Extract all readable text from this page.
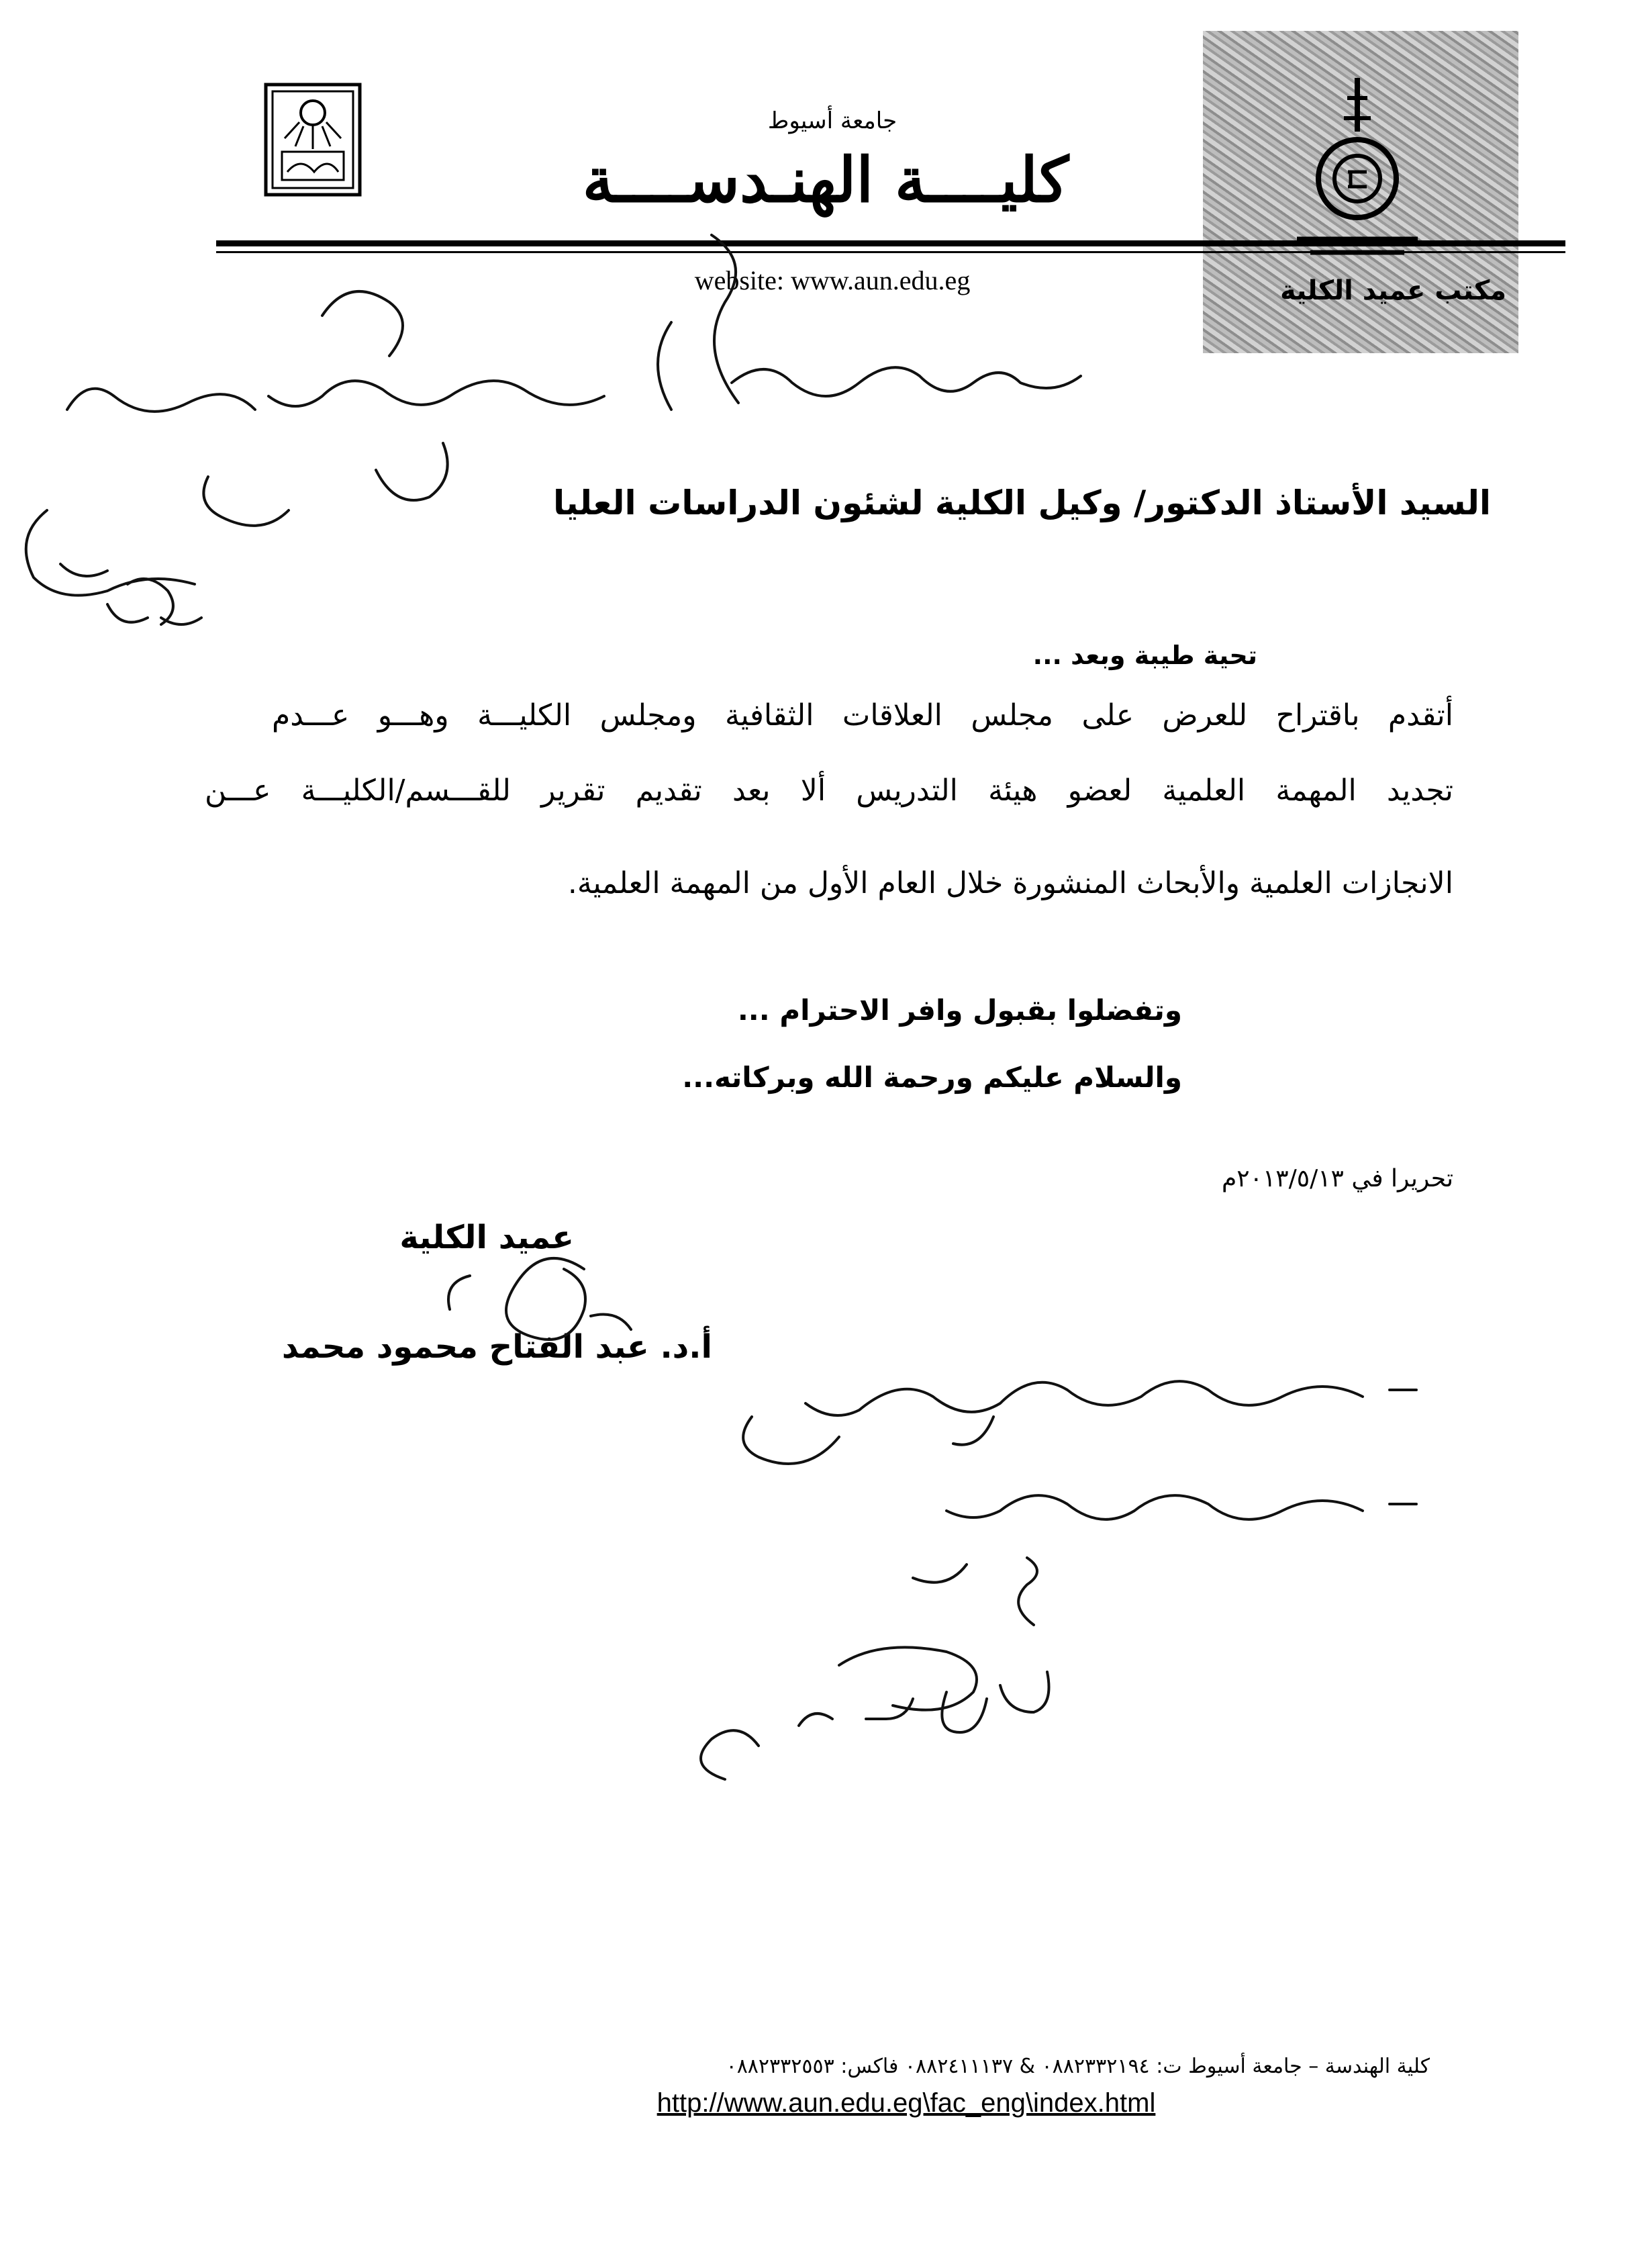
مكتب عميد الكلية
جامعة أسيوط
كليــــة الهنـدســــة
website: www.aun.edu.eg
السيد الأستاذ الدكتور/ وكيل الكلية لشئون الدراسات العليا
تحية طيبة وبعد ...
أتقدم باقتراح للعرض على مجلس العلاقات الثقافية ومجلس الكليـــة وهـــو عـــدم
تجديد المهمة العلمية لعضو هيئة التدريس ألا بعد تقديم تقرير للقـــسم/الكليـــة عـــن
الانجازات العلمية والأبحاث المنشورة خلال العام الأول من المهمة العلمية.
وتفضلوا بقبول وافر الاحترام ...
والسلام عليكم ورحمة الله وبركاته...
تحريرا في ٢٠١٣/٥/١٣م
عميد الكلية
أ.د. عبد الفتاح محمود محمد
كلية الهندسة – جامعة أسيوط ت: ٠٨٨٢٣٣٢١٩٤ & ٠٨٨٢٤١١١٣٧ فاكس: ٠٨٨٢٣٣٢٥٥٣
http://www.aun.edu.eg\fac_eng\index.html
